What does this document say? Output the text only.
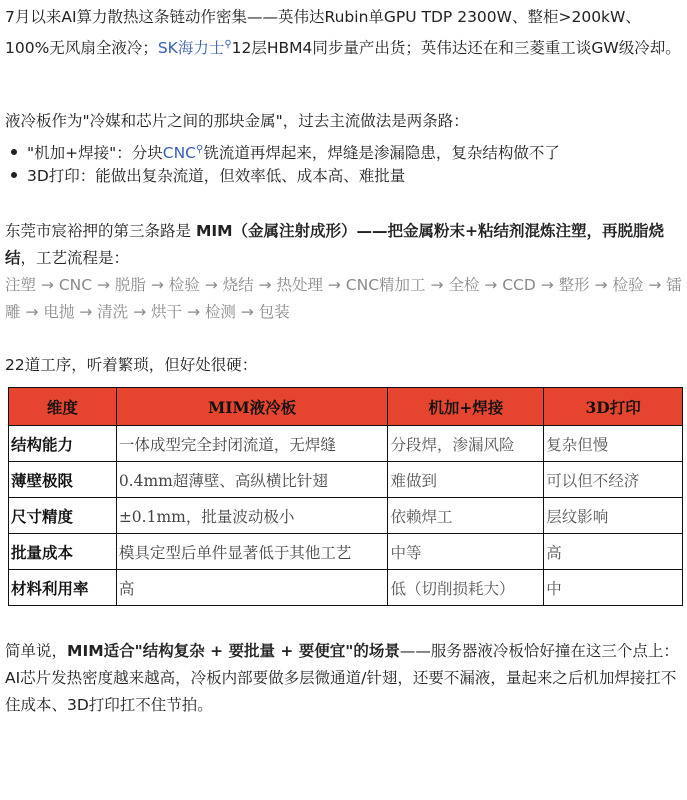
7月以来AI算力散热这条链动作密集——英伟达Rubin单GPU TDP 2300W、整柜>200kW、100%无风扇全液冷；SK海力士⚲12层HBM4同步量产出货；英伟达还在和三菱重工谈GW级冷却。

液冷板作为"冷媒和芯片之间的那块金属"，过去主流做法是两条路：

"机加+焊接"：分块CNC⚲铣流道再焊起来，焊缝是渗漏隐患，复杂结构做不了
3D打印：能做出复杂流道，但效率低、成本高、难批量

东莞市宸裕押的第三条路是 MIM（金属注射成形）——把金属粉末+粘结剂混炼注塑，再脱脂烧结，工艺流程是：

注塑 → CNC → 脱脂 → 检验 → 烧结 → 热处理 → CNC精加工 → 全检 → CCD → 整形 → 检验 → 镭雕 → 电抛 → 清洗 → 烘干 → 检测 → 包装

22道工序，听着繁琐，但好处很硬：

维度	MIM液冷板	机加+焊接	3D打印
结构能力	一体成型完全封闭流道，无焊缝	分段焊，渗漏风险	复杂但慢
薄壁极限	0.4mm超薄壁、高纵横比针翅	难做到	可以但不经济
尺寸精度	±0.1mm，批量波动极小	依赖焊工	层纹影响
批量成本	模具定型后单件显著低于其他工艺	中等	高
材料利用率	高	低（切削损耗大）	中

简单说，MIM适合"结构复杂 + 要批量 + 要便宜"的场景——服务器液冷板恰好撞在这三个点上：AI芯片发热密度越来越高，冷板内部要做多层微通道/针翅，还要不漏液，量起来之后机加焊接扛不住成本、3D打印扛不住节拍。
